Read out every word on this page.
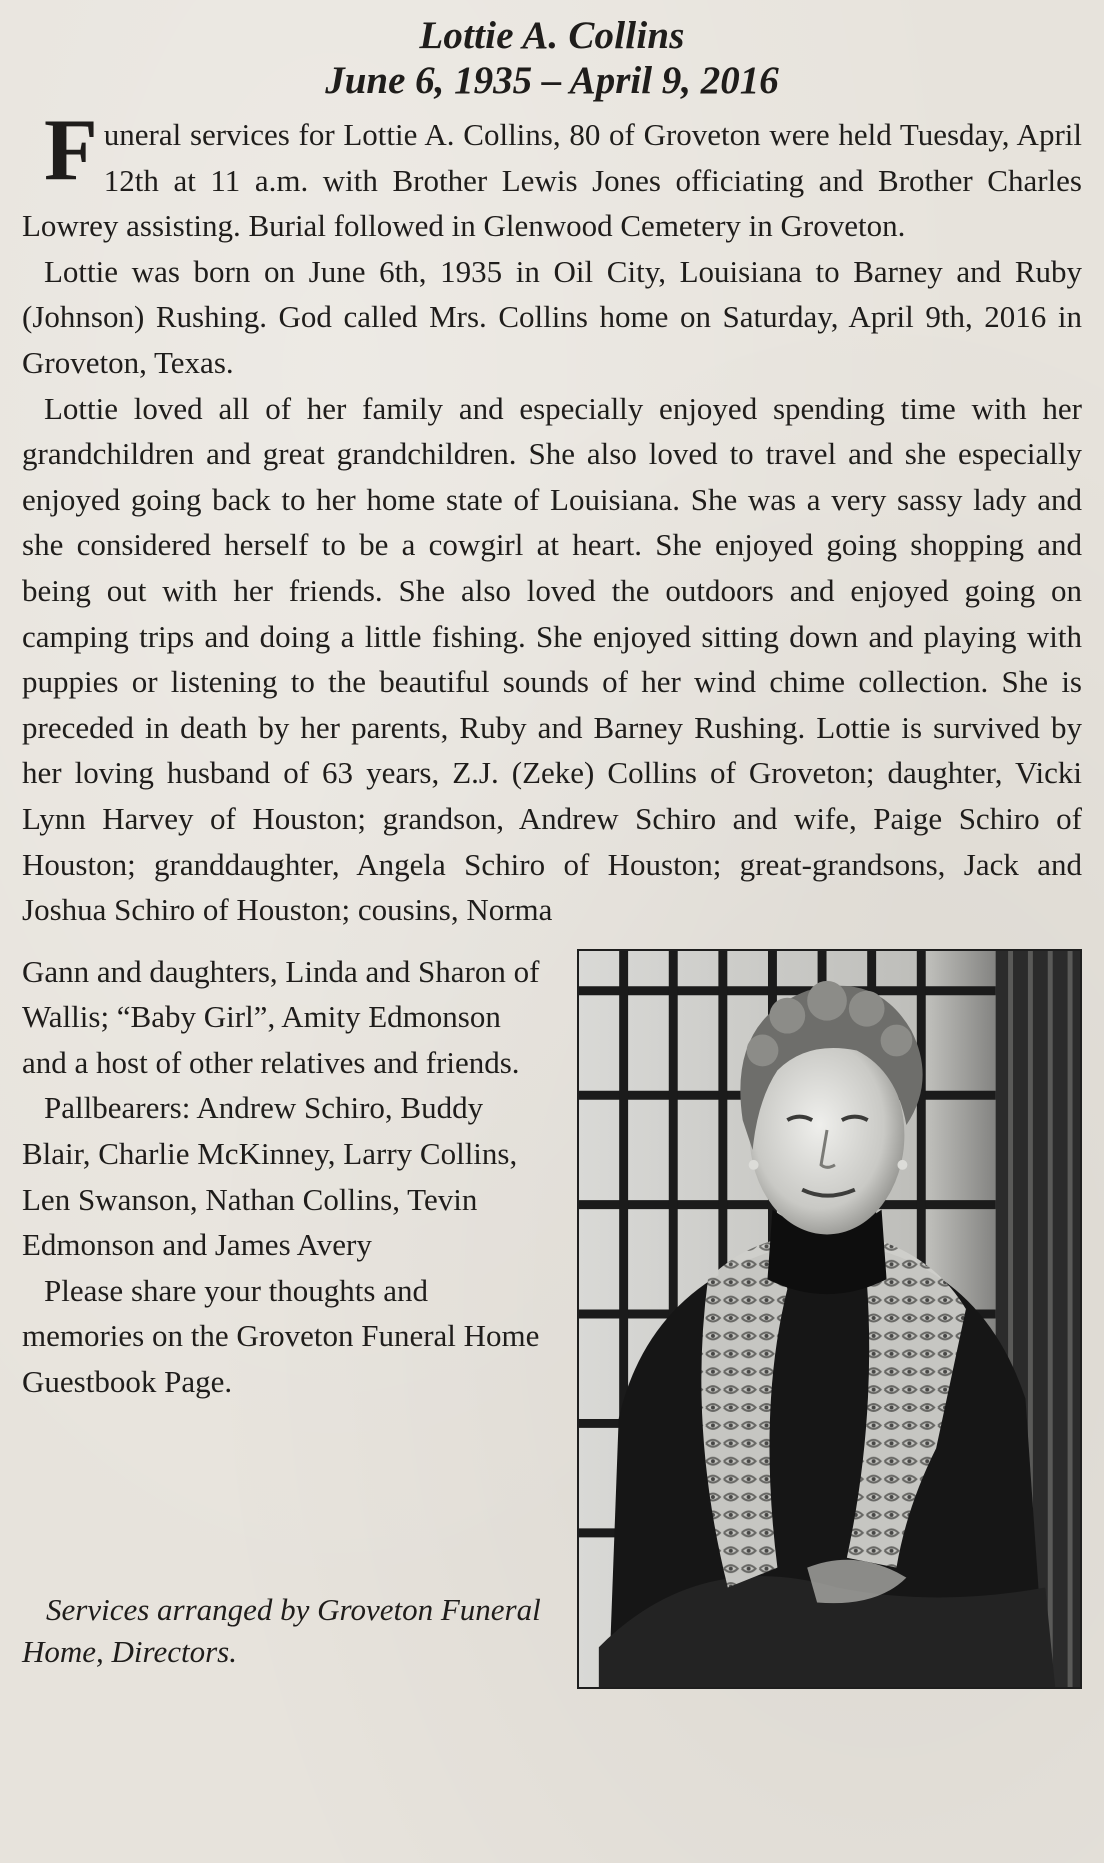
Lottie A. Collins
June 6, 1935 – April 9, 2016

Funeral services for Lottie A. Collins, 80 of Groveton were held Tuesday, April 12th at 11 a.m. with Brother Lewis Jones officiating and Brother Charles Lowrey assisting. Burial followed in Glenwood Cemetery in Groveton.

Lottie was born on June 6th, 1935 in Oil City, Louisiana to Barney and Ruby (Johnson) Rushing. God called Mrs. Collins home on Saturday, April 9th, 2016 in Groveton, Texas.

Lottie loved all of her family and especially enjoyed spending time with her grandchildren and great grandchildren. She also loved to travel and she especially enjoyed going back to her home state of Louisiana. She was a very sassy lady and she considered herself to be a cowgirl at heart. She enjoyed going shopping and being out with her friends. She also loved the outdoors and enjoyed going on camping trips and doing a little fishing. She enjoyed sitting down and playing with puppies or listening to the beautiful sounds of her wind chime collection. She is preceded in death by her parents, Ruby and Barney Rushing. Lottie is survived by her loving husband of 63 years, Z.J. (Zeke) Collins of Groveton; daughter, Vicki Lynn Harvey of Houston; grandson, Andrew Schiro and wife, Paige Schiro of Houston; granddaughter, Angela Schiro of Houston; great-grandsons, Jack and Joshua Schiro of Houston; cousins, Norma

Gann and daughters, Linda and Sharon of Wallis; “Baby Girl”, Amity Edmonson and a host of other relatives and friends.

Pallbearers: Andrew Schiro, Buddy Blair, Charlie McKinney, Larry Collins, Len Swanson, Nathan Collins, Tevin Edmonson and James Avery

Please share your thoughts and memories on the Groveton Funeral Home Guestbook Page.

Services arranged by Groveton Funeral Home, Directors.
